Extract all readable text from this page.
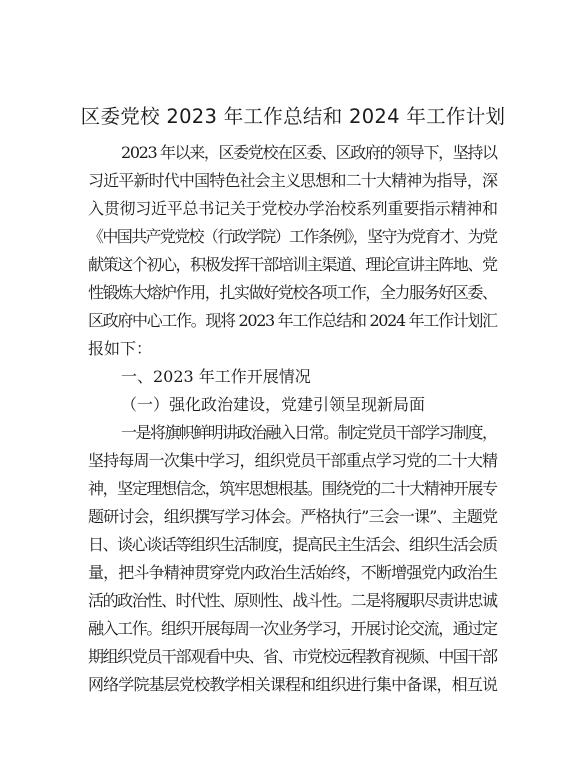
区委党校 2023 年工作总结和 2024 年工作计划
2023 年以来，区委党校在区委、区政府的领导下，坚持以
习近平新时代中国特色社会主义思想和二十大精神为指导，深
入贯彻习近平总书记关于党校办学治校系列重要指示精神和
《中国共产党党校（行政学院）工作条例》，坚守为党育才、为党
献策这个初心，积极发挥干部培训主渠道、理论宣讲主阵地、党
性锻炼大熔炉作用，扎实做好党校各项工作，全力服务好区委、
区政府中心工作。现将 2023 年工作总结和 2024 年工作计划汇
报如下：
一、2023 年工作开展情况
（一）强化政治建设，党建引领呈现新局面
一是将旗帜鲜明讲政治融入日常。制定党员干部学习制度，
坚持每周一次集中学习，组织党员干部重点学习党的二十大精
神，坚定理想信念，筑牢思想根基。围绕党的二十大精神开展专
题研讨会，组织撰写学习体会。严格执行”三会一课”、主题党
日、谈心谈话等组织生活制度，提高民主生活会、组织生活会质
量，把斗争精神贯穿党内政治生活始终，不断增强党内政治生
活的政治性、时代性、原则性、战斗性。二是将履职尽责讲忠诚
融入工作。组织开展每周一次业务学习，开展讨论交流，通过定
期组织党员干部观看中央、省、市党校远程教育视频、中国干部
网络学院基层党校教学相关课程和组织进行集中备课，相互说
